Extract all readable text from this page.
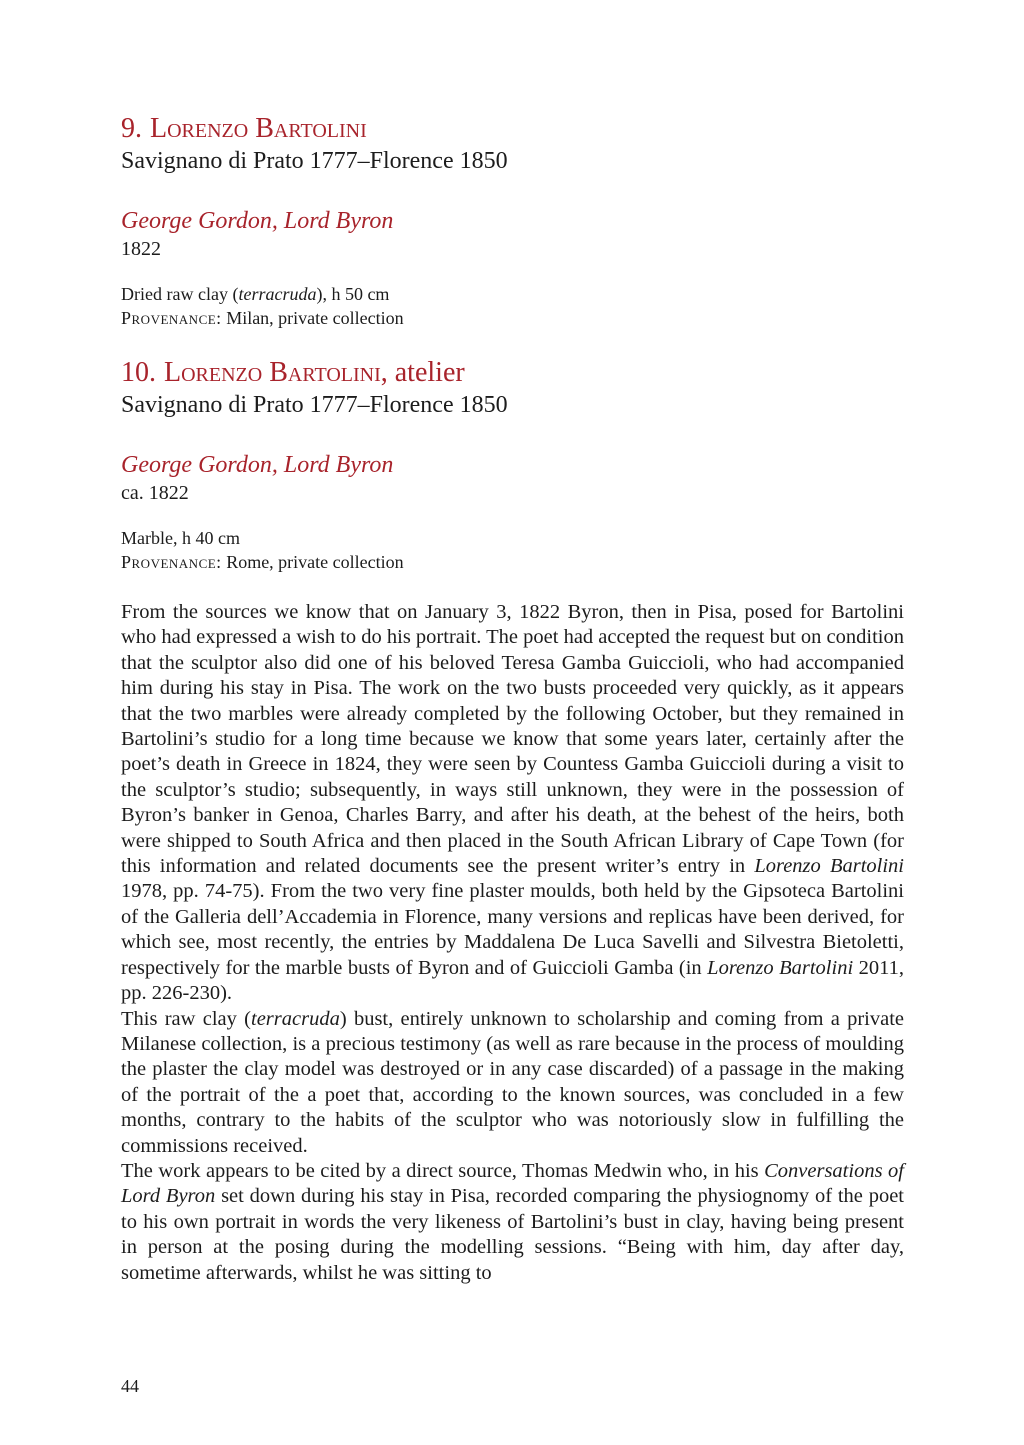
9. Lorenzo Bartolini

Savignano di Prato 1777–Florence 1850

George Gordon, Lord Byron

1822

Dried raw clay (terracruda), h 50 cm

Provenance: Milan, private collection

10. Lorenzo Bartolini, atelier

Savignano di Prato 1777–Florence 1850

George Gordon, Lord Byron

ca. 1822

Marble, h 40 cm

Provenance: Rome, private collection

From the sources we know that on January 3, 1822 Byron, then in Pisa, posed for Bartolini who had expressed a wish to do his portrait. The poet had accepted the request but on condition that the sculptor also did one of his beloved Teresa Gamba Guiccioli, who had accompanied him during his stay in Pisa. The work on the two busts proceeded very quickly, as it appears that the two marbles were already completed by the following October, but they remained in Bartolini’s studio for a long time because we know that some years later, certainly after the poet’s death in Greece in 1824, they were seen by Countess Gamba Guiccioli during a visit to the sculptor’s studio; subsequently, in ways still unknown, they were in the possession of Byron’s banker in Genoa, Charles Barry, and after his death, at the behest of the heirs, both were shipped to South Africa and then placed in the South African Library of Cape Town (for this information and related documents see the present writer’s entry in Lorenzo Bartolini 1978, pp. 74-75). From the two very fine plaster moulds, both held by the Gipsoteca Bartolini of the Galleria dell’Accademia in Florence, many versions and replicas have been derived, for which see, most recently, the entries by Maddalena De Luca Savelli and Silvestra Bietoletti, respectively for the marble busts of Byron and of Guiccioli Gamba (in Lorenzo Bartolini 2011, pp. 226-230).

This raw clay (terracruda) bust, entirely unknown to scholarship and coming from a private Milanese collection, is a precious testimony (as well as rare because in the process of moulding the plaster the clay model was destroyed or in any case discarded) of a passage in the making of the portrait of the a poet that, according to the known sources, was concluded in a few months, contrary to the habits of the sculptor who was notoriously slow in fulfilling the commissions received.

The work appears to be cited by a direct source, Thomas Medwin who, in his Conversations of Lord Byron set down during his stay in Pisa, recorded comparing the physiognomy of the poet to his own portrait in words the very likeness of Bartolini’s bust in clay, having being present in person at the posing during the modelling sessions. “Being with him, day after day, sometime afterwards, whilst he was sitting to

44
